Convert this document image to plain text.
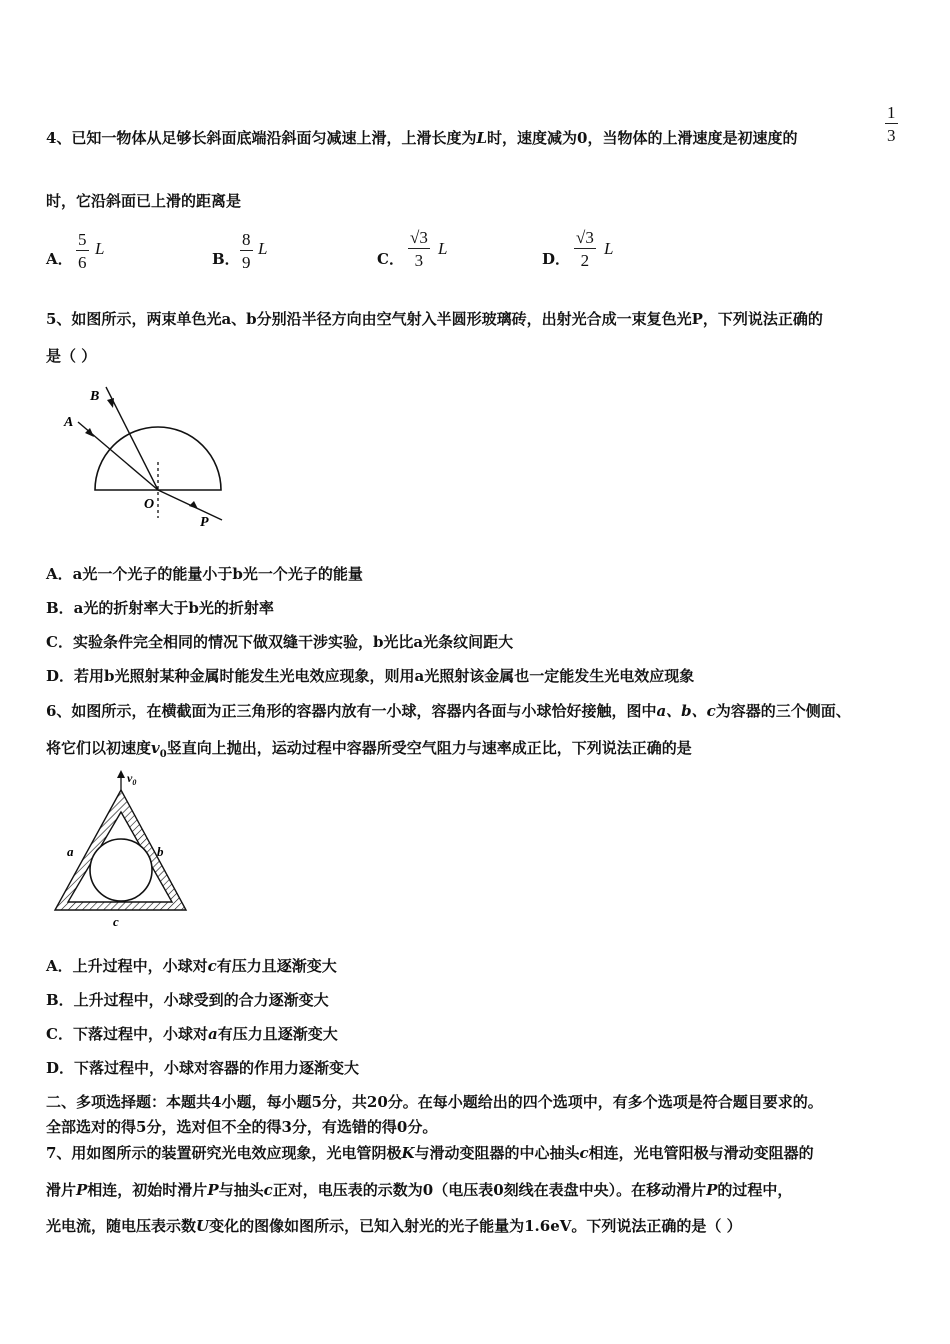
$\frac{1}{3}$
4、已知一物体从足够长斜面底端沿斜面匀减速上滑，上滑长度为L时，速度减为0，当物体的上滑速度是初速度的
时，它沿斜面已上滑的距离是
A． $\frac{5}{6}$ L
B． $\frac{8}{9}$ L
C． $\frac{√3}{3}$ L
D． $\frac{√3}{2}$ L
5、如图所示，两束单色光a、b分别沿半径方向由空气射入半圆形玻璃砖，出射光合成一束复色光P，下列说法正确的
是（ ）
B
A
O
P
A．a光一个光子的能量小于b光一个光子的能量
B．a光的折射率大于b光的折射率
C．实验条件完全相同的情况下做双缝干涉实验，b光比a光条纹间距大
D．若用b光照射某种金属时能发生光电效应现象，则用a光照射该金属也一定能发生光电效应现象
6、如图所示，在横截面为正三角形的容器内放有一小球，容器内各面与小球恰好接触，图中a、b、c为容器的三个侧面、
将它们以初速度$v_0$竖直向上抛出，运动过程中容器所受空气阻力与速率成正比，下列说法正确的是
$v_0$
a	b
c
A．上升过程中，小球对c有压力且逐渐变大
B．上升过程中，小球受到的合力逐渐变大
C．下落过程中，小球对a有压力且逐渐变大
D．下落过程中，小球对容器的作用力逐渐变大
二、多项选择题：本题共4小题，每小题5分，共20分。在每小题给出的四个选项中，有多个选项是符合题目要求的。
全部选对的得5分，选对但不全的得3分，有选错的得0分。
7、用如图所示的装置研究光电效应现象，光电管阴极K与滑动变阻器的中心抽头c相连，光电管阳极与滑动变阻器的
滑片P相连，初始时滑片P与抽头c正对，电压表的示数为0（电压表0刻线在表盘中央）。在移动滑片P的过程中，
光电流，随电压表示数U变化的图像如图所示，已知入射光的光子能量为1.6eV。下列说法正确的是（ ）
